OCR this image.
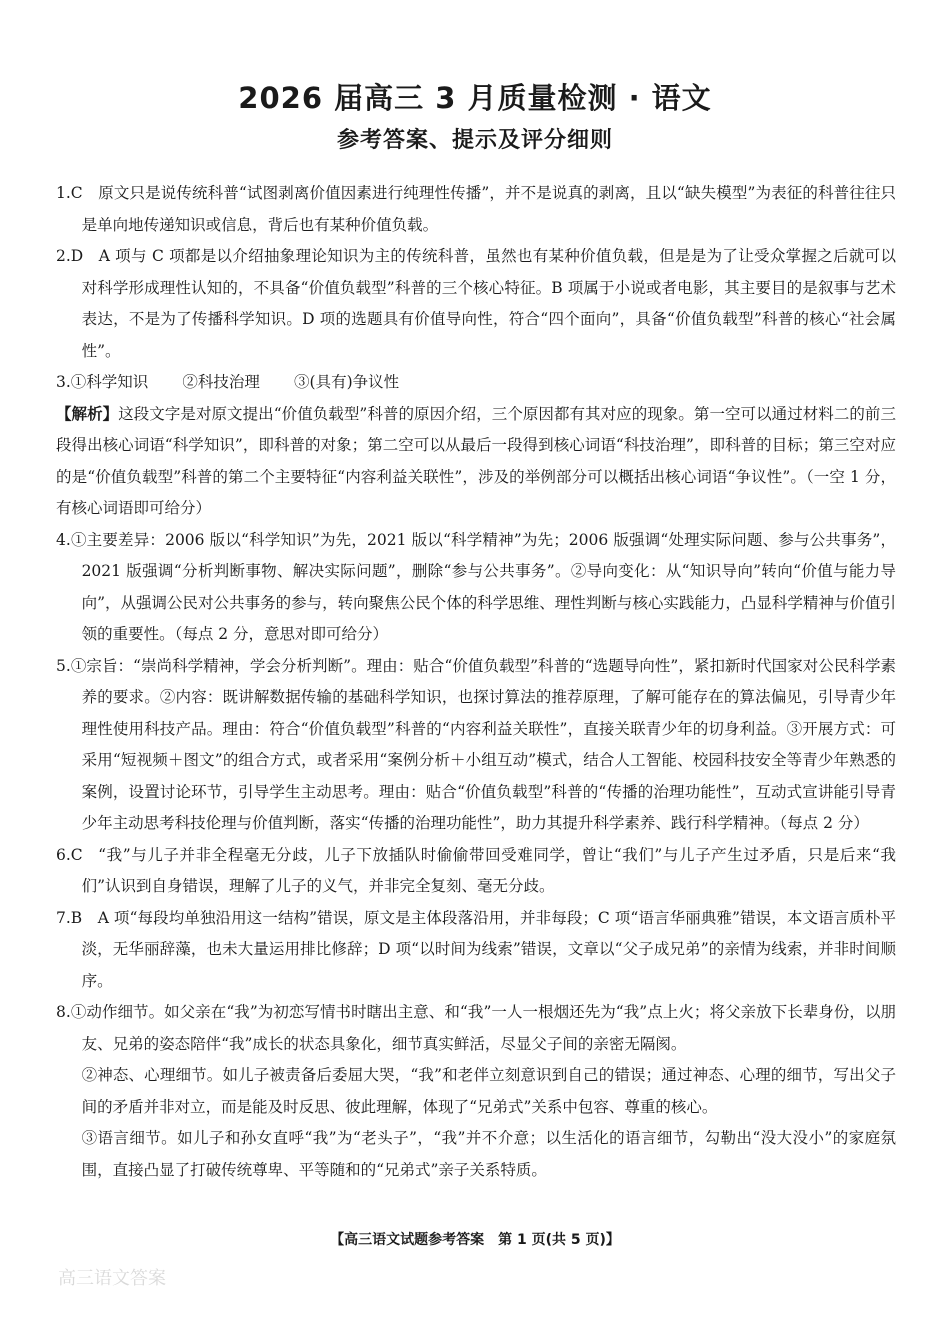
2026 届高三 3 月质量检测 · 语文
参考答案、提示及评分细则

1.C  原文只是说传统科普“试图剥离价值因素进行纯理性传播”，并不是说真的剥离，且以“缺失模型”为表征的科普往往只是单向地传递知识或信息，背后也有某种价值负载。

2.D  A 项与 C 项都是以介绍抽象理论知识为主的传统科普，虽然也有某种价值负载，但是是为了让受众掌握之后就可以对科学形成理性认知的，不具备“价值负载型”科普的三个核心特征。B 项属于小说或者电影，其主要目的是叙事与艺术表达，不是为了传播科学知识。D 项的选题具有价值导向性，符合“四个面向”，具备“价值负载型”科普的核心“社会属性”。

3.①科学知识 ②科技治理 ③(具有)争议性

【解析】这段文字是对原文提出“价值负载型”科普的原因介绍，三个原因都有其对应的现象。第一空可以通过材料二的前三段得出核心词语“科学知识”，即科普的对象；第二空可以从最后一段得到核心词语“科技治理”，即科普的目标；第三空对应的是“价值负载型”科普的第二个主要特征“内容利益关联性”，涉及的举例部分可以概括出核心词语“争议性”。（一空 1 分，有核心词语即可给分）

4.①主要差异：2006 版以“科学知识”为先，2021 版以“科学精神”为先；2006 版强调“处理实际问题、参与公共事务”，2021 版强调“分析判断事物、解决实际问题”，删除“参与公共事务”。②导向变化：从“知识导向”转向“价值与能力导向”，从强调公民对公共事务的参与，转向聚焦公民个体的科学思维、理性判断与核心实践能力，凸显科学精神与价值引领的重要性。（每点 2 分，意思对即可给分）

5.①宗旨：“崇尚科学精神，学会分析判断”。理由：贴合“价值负载型”科普的“选题导向性”，紧扣新时代国家对公民科学素养的要求。②内容：既讲解数据传输的基础科学知识，也探讨算法的推荐原理，了解可能存在的算法偏见，引导青少年理性使用科技产品。理由：符合“价值负载型”科普的“内容利益关联性”，直接关联青少年的切身利益。③开展方式：可采用“短视频＋图文”的组合方式，或者采用“案例分析＋小组互动”模式，结合人工智能、校园科技安全等青少年熟悉的案例，设置讨论环节，引导学生主动思考。理由：贴合“价值负载型”科普的“传播的治理功能性”，互动式宣讲能引导青少年主动思考科技伦理与价值判断，落实“传播的治理功能性”，助力其提升科学素养、践行科学精神。（每点 2 分）

6.C  “我”与儿子并非全程毫无分歧，儿子下放插队时偷偷带回受难同学，曾让“我们”与儿子产生过矛盾，只是后来“我们”认识到自身错误，理解了儿子的义气，并非完全复刻、毫无分歧。

7.B  A 项“每段均单独沿用这一结构”错误，原文是主体段落沿用，并非每段；C 项“语言华丽典雅”错误，本文语言质朴平淡，无华丽辞藻，也未大量运用排比修辞；D 项“以时间为线索”错误，文章以“父子成兄弟”的亲情为线索，并非时间顺序。

8.①动作细节。如父亲在“我”为初恋写情书时瞎出主意、和“我”一人一根烟还先为“我”点上火；将父亲放下长辈身份，以朋友、兄弟的姿态陪伴“我”成长的状态具象化，细节真实鲜活，尽显父子间的亲密无隔阂。

②神态、心理细节。如儿子被责备后委屈大哭，“我”和老伴立刻意识到自己的错误；通过神态、心理的细节，写出父子间的矛盾并非对立，而是能及时反思、彼此理解，体现了“兄弟式”关系中包容、尊重的核心。

③语言细节。如儿子和孙女直呼“我”为“老头子”，“我”并不介意；以生活化的语言细节，勾勒出“没大没小”的家庭氛围，直接凸显了打破传统尊卑、平等随和的“兄弟式”亲子关系特质。

【高三语文试题参考答案　第 1 页(共 5 页)】
高三语文答案
